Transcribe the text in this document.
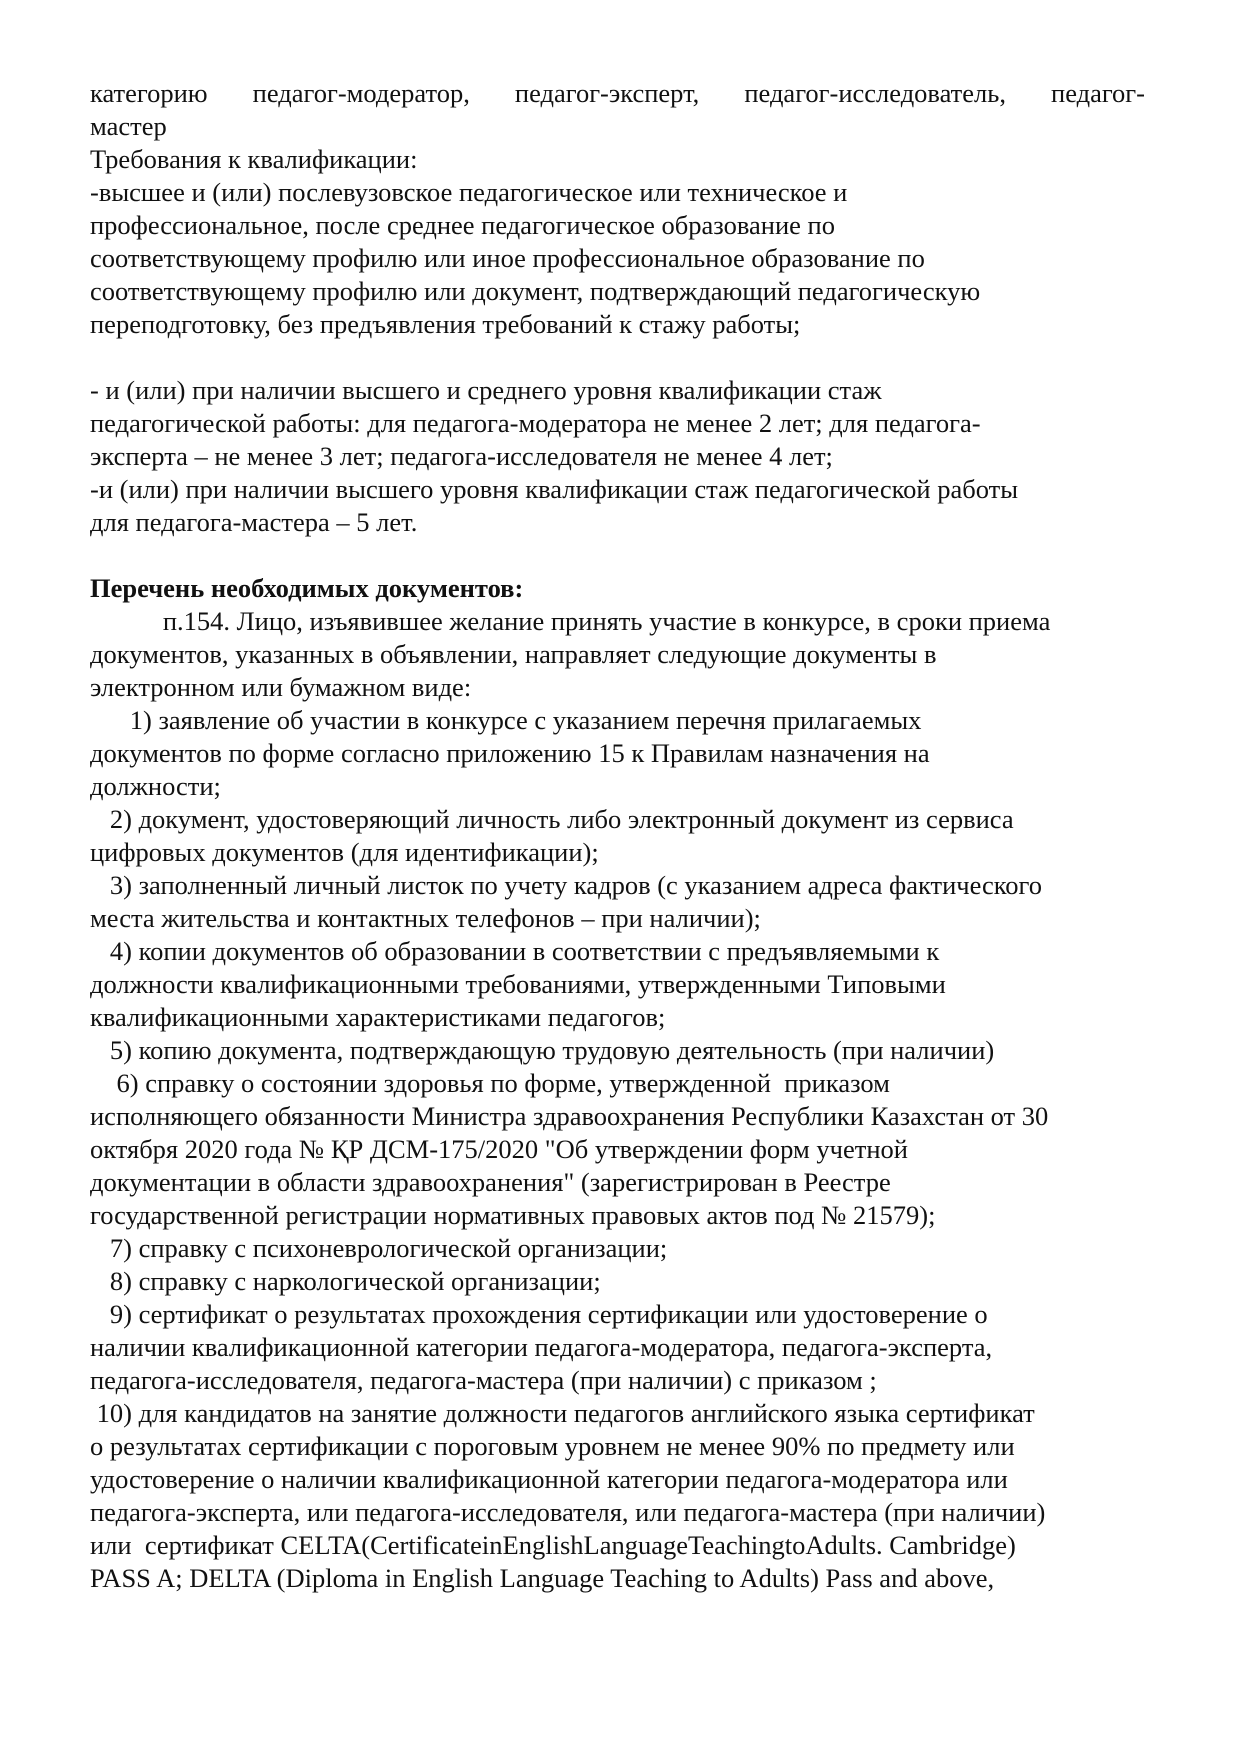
категорию педагог-модератор, педагог-эксперт, педагог-исследователь, педагог-
мастер
Требования к квалификации:
-высшее и (или) послевузовское педагогическое или техническое и
профессиональное, после среднее педагогическое образование по
соответствующему профилю или иное профессиональное образование по
соответствующему профилю или документ, подтверждающий педагогическую
переподготовку, без предъявления требований к стажу работы;
- и (или) при наличии высшего и среднего уровня квалификации стаж
педагогической работы: для педагога-модератора не менее 2 лет; для педагога-
эксперта – не менее 3 лет; педагога-исследователя не менее 4 лет;
-и (или) при наличии высшего уровня квалификации стаж педагогической работы
для педагога-мастера – 5 лет.
Перечень необходимых документов:
п.154. Лицо, изъявившее желание принять участие в конкурсе, в сроки приема
документов, указанных в объявлении, направляет следующие документы в
электронном или бумажном виде:
1) заявление об участии в конкурсе с указанием перечня прилагаемых
документов по форме согласно приложению 15 к Правилам назначения на
должности;
2) документ, удостоверяющий личность либо электронный документ из сервиса
цифровых документов (для идентификации);
3) заполненный личный листок по учету кадров (с указанием адреса фактического
места жительства и контактных телефонов – при наличии);
4) копии документов об образовании в соответствии с предъявляемыми к
должности квалификационными требованиями, утвержденными Типовыми
квалификационными характеристиками педагогов;
5) копию документа, подтверждающую трудовую деятельность (при наличии)
6) справку о состоянии здоровья по форме, утвержденной  приказом
исполняющего обязанности Министра здравоохранения Республики Казахстан от 30
октября 2020 года № ҚР ДСМ-175/2020 "Об утверждении форм учетной
документации в области здравоохранения" (зарегистрирован в Реестре
государственной регистрации нормативных правовых актов под № 21579);
7) справку с психоневрологической организации;
8) справку с наркологической организации;
9) сертификат о результатах прохождения сертификации или удостоверение о
наличии квалификационной категории педагога-модератора, педагога-эксперта,
педагога-исследователя, педагога-мастера (при наличии) с приказом ;
10) для кандидатов на занятие должности педагогов английского языка сертификат
о результатах сертификации с пороговым уровнем не менее 90% по предмету или
удостоверение о наличии квалификационной категории педагога-модератора или
педагога-эксперта, или педагога-исследователя, или педагога-мастера (при наличии)
или  сертификат CELTA(CertificateinEnglishLanguageTeachingtoAdults. Cambridge)
PASS A; DELTA (Diploma in English Language Teaching to Adults) Pass and above,
